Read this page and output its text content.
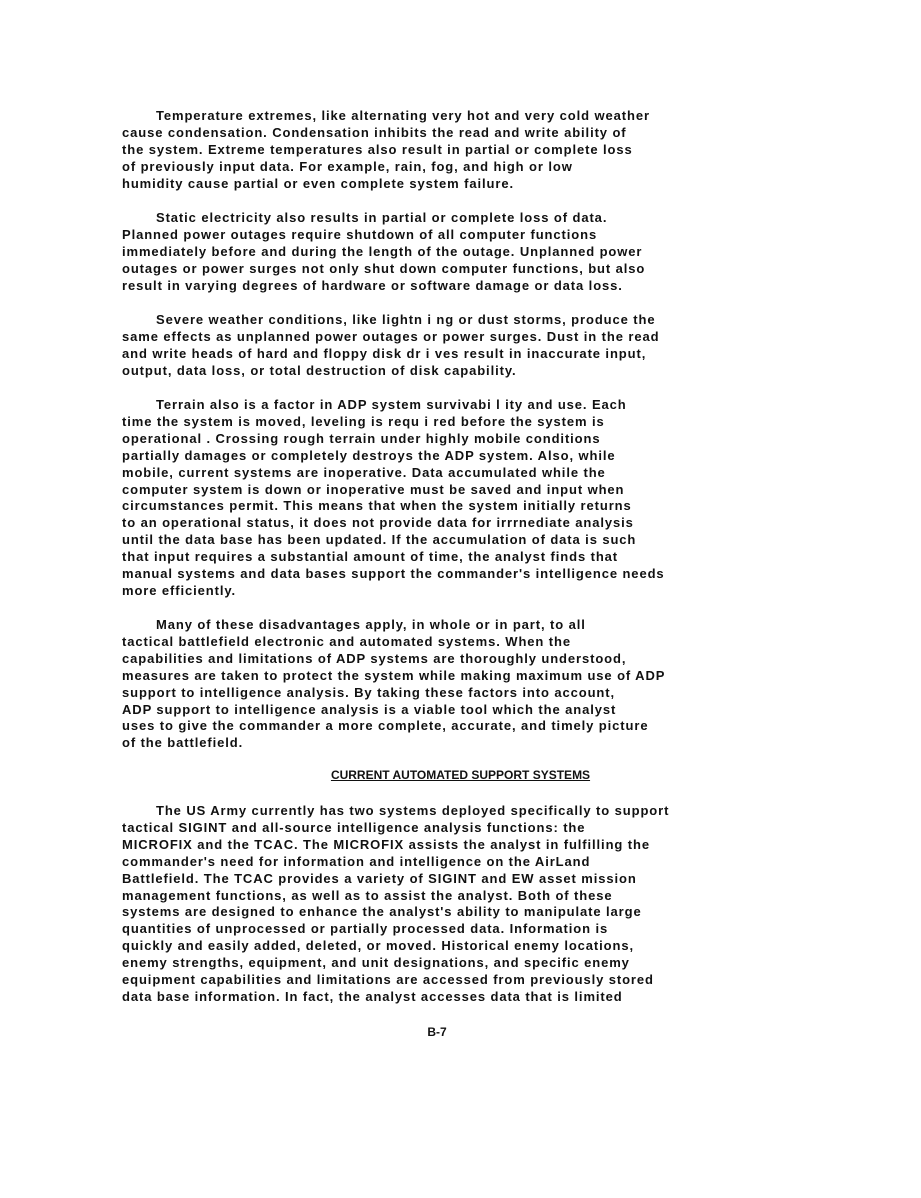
Temperature extremes, like alternating very hot and very cold weather
cause condensation. Condensation inhibits the read and write ability of
the system. Extreme temperatures also result in partial or complete loss
of previously input data. For example, rain, fog, and high or low
humidity cause partial or even complete system failure.
Static electricity also results in partial or complete loss of data.
Planned power outages require shutdown of all computer functions
immediately before and during the length of the outage. Unplanned power
outages or power surges not only shut down computer functions, but also
result in varying degrees of hardware or software damage or data loss.
Severe weather conditions, like lightn i ng or dust storms, produce the
same effects as unplanned power outages or power surges. Dust in the read
and write heads of hard and floppy disk dr i ves result in inaccurate input,
output, data loss, or total destruction of disk capability.
Terrain also is a factor in ADP system survivabi l ity and use. Each
time the system is moved, leveling is requ i red before the system is
operational . Crossing rough terrain under highly mobile conditions
partially damages or completely destroys the ADP system. Also, while
mobile, current systems are inoperative. Data accumulated while the
computer system is down or inoperative must be saved and input when
circumstances permit. This means that when the system initially returns
to an operational status, it does not provide data for irrrnediate analysis
until the data base has been updated. If the accumulation of data is such
that input requires a substantial amount of time, the analyst finds that
manual systems and data bases support the commander's intelligence needs
more efficiently.
Many of these disadvantages apply, in whole or in part, to all
tactical battlefield electronic and automated systems. When the
capabilities and limitations of ADP systems are thoroughly understood,
measures are taken to protect the system while making maximum use of ADP
support to intelligence analysis. By taking these factors into account,
ADP support to intelligence analysis is a viable tool which the analyst
uses to give the commander a more complete, accurate, and timely picture
of the battlefield.
CURRENT AUTOMATED SUPPORT SYSTEMS
The US Army currently has two systems deployed specifically to support
tactical SIGINT and all-source intelligence analysis functions: the
MICROFIX and the TCAC. The MICROFIX assists the analyst in fulfilling the
commander's need for information and intelligence on the AirLand
Battlefield. The TCAC provides a variety of SIGINT and EW asset mission
management functions, as well as to assist the analyst. Both of these
systems are designed to enhance the analyst's ability to manipulate large
quantities of unprocessed or partially processed data. Information is
quickly and easily added, deleted, or moved. Historical enemy locations,
enemy strengths, equipment, and unit designations, and specific enemy
equipment capabilities and limitations are accessed from previously stored
data base information. In fact, the analyst accesses data that is limited
B-7
